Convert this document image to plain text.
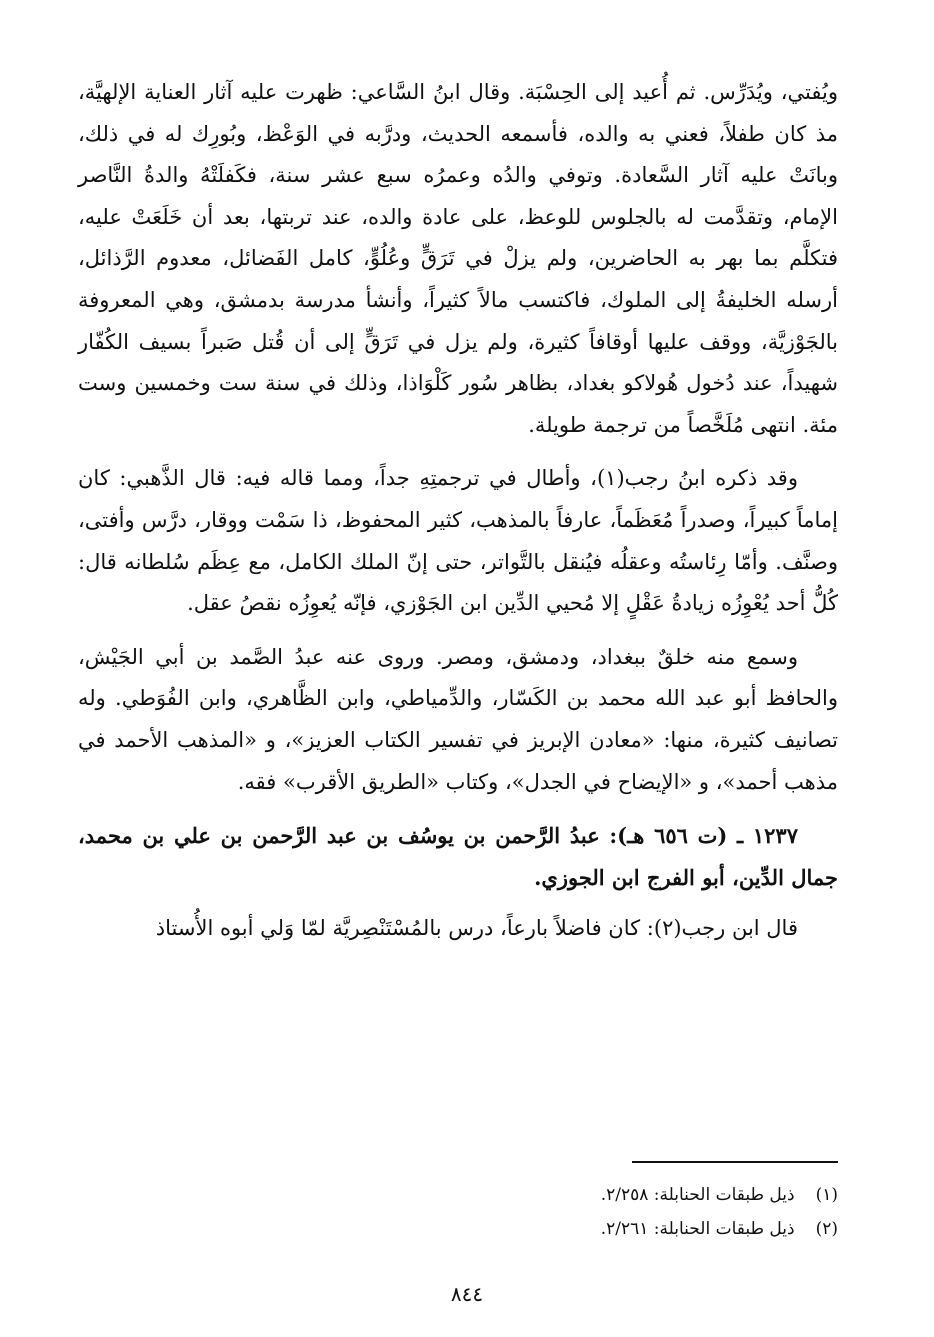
ويُفتي، ويُدَرِّس. ثم أُعيد إلى الحِسْبَة. وقال ابنُ السَّاعي: ظهرت عليه آثار العناية الإلهيَّة، مذ كان طفلاً، فعني به والده، فأسمعه الحديث، ودرَّبه في الوَعْظ، وبُورِك له في ذلك، وبانَتْ عليه آثار السَّعادة. وتوفي والدُه وعمرُه سبع عشر سنة، فكَفلَتْهُ والدةُ النَّاصر الإمام، وتقدَّمت له بالجلوس للوعظ، على عادة والده، عند تربتها، بعد أن خَلَعَتْ عليه، فتكلَّم بما بهر به الحاضرين، ولم يزلْ في تَرَقٍّ وعُلُوٍّ، كامل الفَضائل، معدوم الرَّذائل، أرسله الخليفةُ إلى الملوك، فاكتسب مالاً كثيراً، وأنشأ مدرسة بدمشق، وهي المعروفة بالجَوْزيَّة، ووقف عليها أوقافاً كثيرة، ولم يزل في تَرَقٍّ إلى أن قُتل صَبراً بسيف الكُفّار شهيداً، عند دُخول هُولاكو بغداد، بظاهر سُور كَلْوَاذا، وذلك في سنة ست وخمسين وست مئة. انتهى مُلَخَّصاً من ترجمة طويلة.

وقد ذكره ابنُ رجب(١)، وأطال في ترجمتِهِ جداً، ومما قاله فيه: قال الذَّهبي: كان إماماً كبيراً، وصدراً مُعَظَماً، عارفاً بالمذهب، كثير المحفوظ، ذا سَمْت ووقار، درَّس وأفتى، وصنَّف. وأمّا رِئاستُه وعقلُه فيُنقل بالتَّواتر، حتى إنّ الملك الكامل، مع عِظَم سُلطانه قال: كُلُّ أحد يُعْوِزُه زيادةُ عَقْلٍ إلا مُحيي الدِّين ابن الجَوْزي، فإنّه يُعوِزُه نقصُ عقل.

وسمع منه خلقٌ ببغداد، ودمشق، ومصر. وروى عنه عبدُ الصَّمد بن أبي الجَيْش، والحافظ أبو عبد الله محمد بن الكَسّار، والدِّمياطي، وابن الظَّاهري، وابن الفُوَطي. وله تصانيف كثيرة، منها: «معادن الإبريز في تفسير الكتاب العزيز»، و «المذهب الأحمد في مذهب أحمد»، و «الإيضاح في الجدل»، وكتاب «الطريق الأقرب» فقه.

١٢٣٧ ـ (ت ٦٥٦ هـ): عبدُ الرَّحمن بن يوسُف بن عبد الرَّحمن بن علي بن محمد، جمال الدِّين، أبو الفرج ابن الجوزي.

قال ابن رجب(٢): كان فاضلاً بارعاً، درس بالمُسْتَنْصِريَّة لمّا وَلي أبوه الأُستاذ

(١) ذيل طبقات الحنابلة: ٢/٢٥٨.
(٢) ذيل طبقات الحنابلة: ٢/٢٦١.
٨٤٤
